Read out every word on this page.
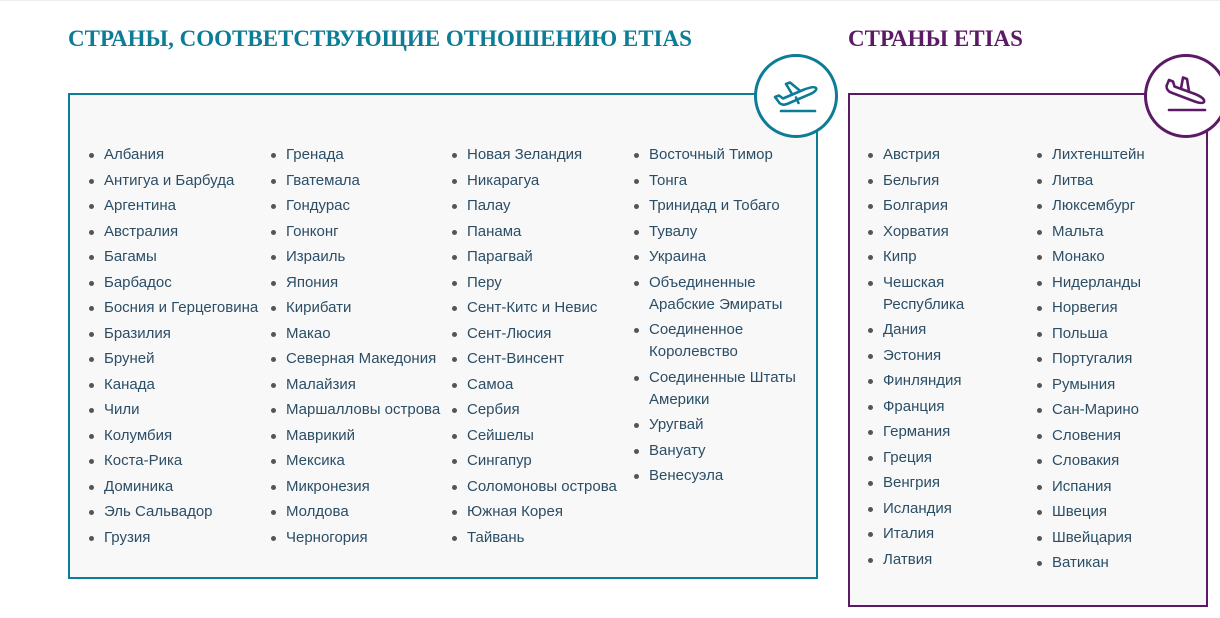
СТРАНЫ, СООТВЕТСТВУЮЩИЕ ОТНОШЕНИЮ ETIAS	СТРАНЫ ETIAS
Албания
Антигуа и Барбуда
Аргентина
Австралия
Багамы
Барбадос
Босния и Герцеговина
Бразилия
Бруней
Канада
Чили
Колумбия
Коста-Рика
Доминика
Эль Сальвадор
Грузия
Гренада
Гватемала
Гондурас
Гонконг
Израиль
Япония
Кирибати
Макао
Северная Македония
Малайзия
Маршалловы острова
Маврикий
Мексика
Микронезия
Молдова
Черногория
Новая Зеландия
Никарагуа
Палау
Панама
Парагвай
Перу
Сент-Китс и Невис
Сент-Люсия
Сент-Винсент
Самоа
Сербия
Сейшелы
Сингапур
Соломоновы острова
Южная Корея
Тайвань
Восточный Тимор
Тонга
Тринидад и Тобаго
Тувалу
Украина
Объединенные Арабские Эмираты
Соединенное Королевство
Соединенные Штаты Америки
Уругвай
Вануату
Венесуэла
Австрия
Бельгия
Болгария
Хорватия
Кипр
Чешская Республика
Дания
Эстония
Финляндия
Франция
Германия
Греция
Венгрия
Исландия
Италия
Латвия
Лихтенштейн
Литва
Люксембург
Мальта
Монако
Нидерланды
Норвегия
Польша
Португалия
Румыния
Сан-Марино
Словения
Словакия
Испания
Швеция
Швейцария
Ватикан
